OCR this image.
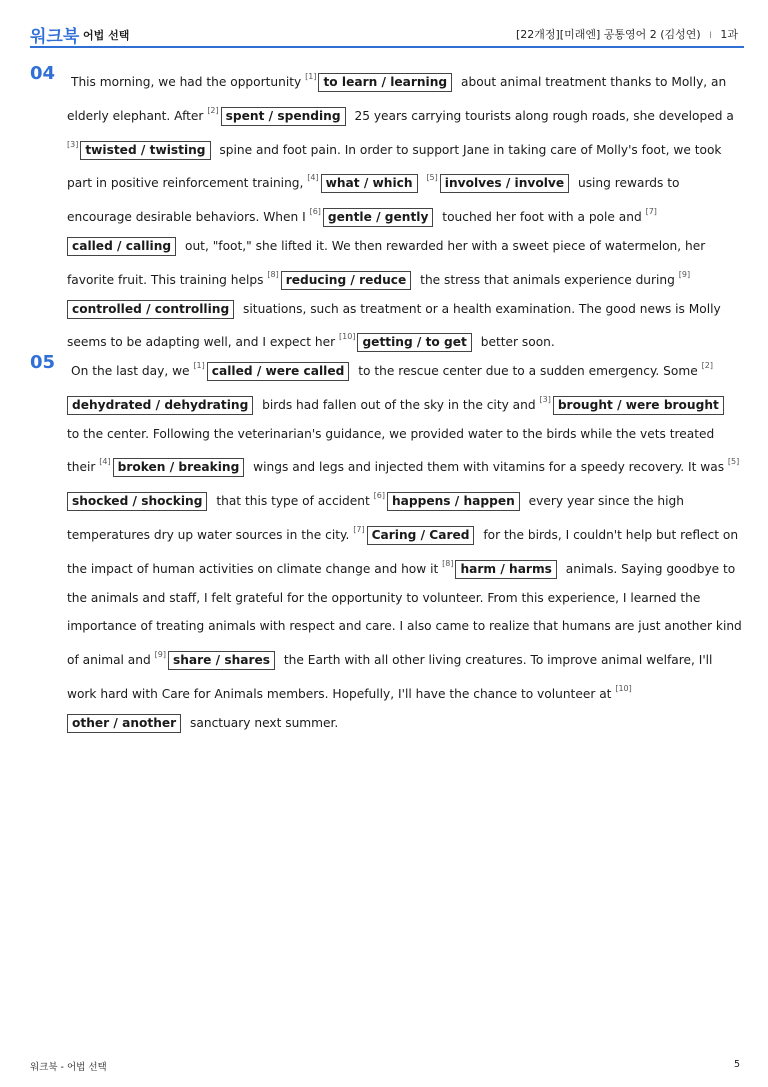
워크북 어법 선택	[22개정][미래엔] 공통영어 2 (김성연) I 1과
04	This morning, we had the opportunity [1] to learn / learning about animal treatment thanks to Molly, an elderly elephant. After [2] spent / spending 25 years carrying tourists along rough roads, she developed a [3] twisted / twisting spine and foot pain. In order to support Jane in taking care of Molly's foot, we took part in positive reinforcement training, [4] what / which [5] involves / involve using rewards to encourage desirable behaviors. When I [6] gentle / gently touched her foot with a pole and [7]called / calling out, "foot," she lifted it. We then rewarded her with a sweet piece of watermelon, her favorite fruit. This training helps [8] reducing / reduce the stress that animals experience during [9]controlled / controlling situations, such as treatment or a health examination. The good news is Molly seems to be adapting well, and I expect her [10] getting / to get better soon.
05	On the last day, we [1] called / were called to the rescue center due to a sudden emergency. Some [2]dehydrated / dehydrating birds had fallen out of the sky in the city and [3] brought / were brought to the center. Following the veterinarian's guidance, we provided water to the birds while the vets treated their [4] broken / breaking wings and legs and injected them with vitamins for a speedy recovery. It was [5]shocked / shocking that this type of accident [6] happens / happen every year since the high temperatures dry up water sources in the city. [7] Caring / Cared for the birds, I couldn't help but reflect on the impact of human activities on climate change and how it [8] harm / harms animals. Saying goodbye to the animals and staff, I felt grateful for the opportunity to volunteer. From this experience, I learned the importance of treating animals with respect and care. I also came to realize that humans are just another kind of animal and [9] share / shares the Earth with all other living creatures. To improve animal welfare, I'll work hard with Care for Animals members. Hopefully, I'll have the chance to volunteer at [10]other / another sanctuary next summer.
워크북 - 어법 선택	5
